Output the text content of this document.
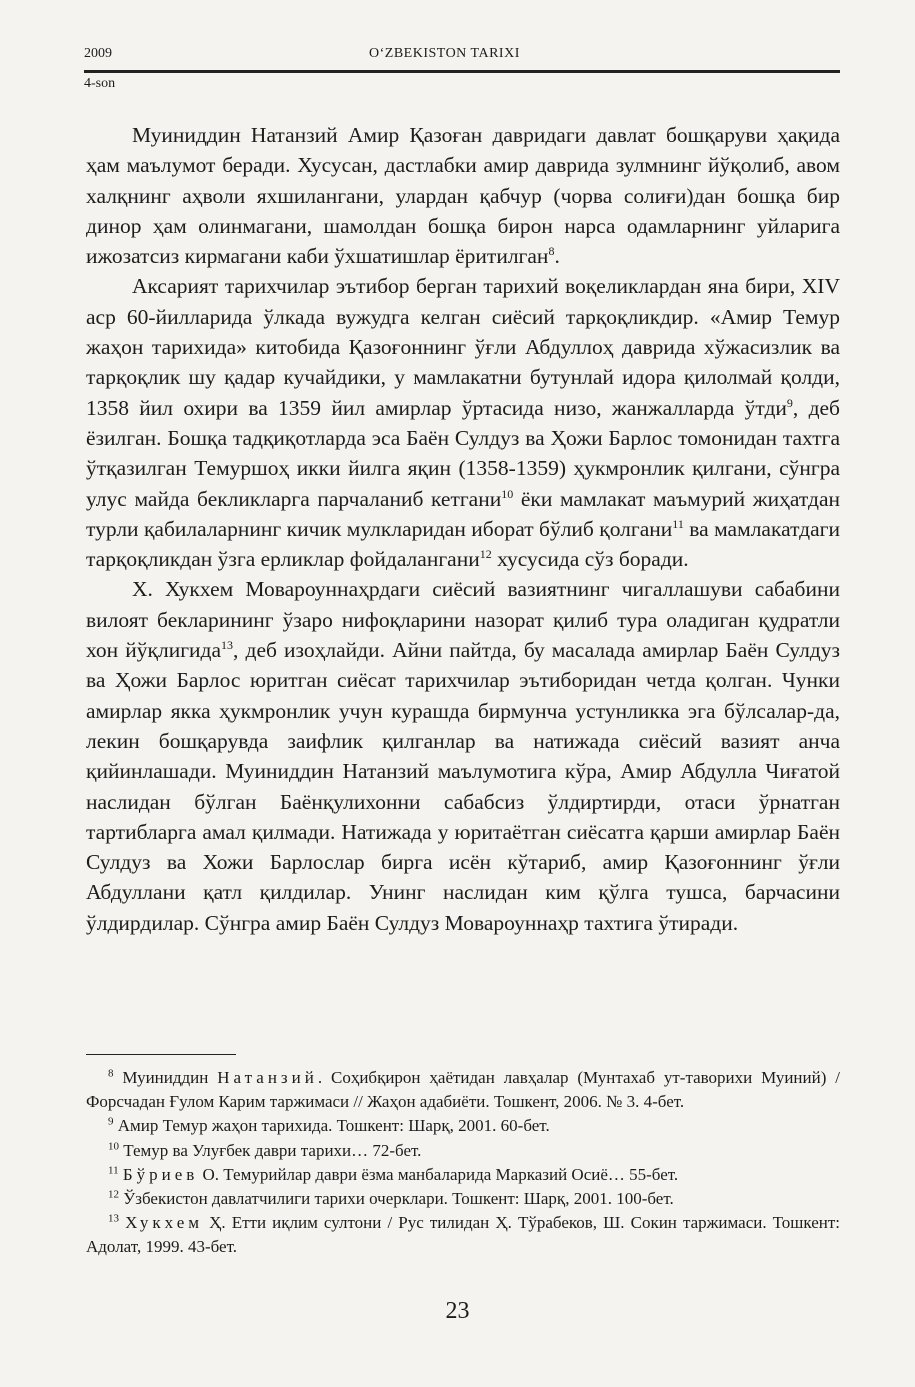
2009	O‘ZBEKISTON TARIXI
4-son

Муиниддин Натанзий Амир Қазоған давридаги давлат бошқаруви ҳақида ҳам маълумот беради. Хусусан, дастлабки амир даврида зулмнинг йўқолиб, авом халқнинг аҳволи яхшилангани, улардан қабчур (чорва солиғи)дан бошқа бир динор ҳам олинмагани, шамолдан бошқа бирон нарса одамларнинг уйларига ижозатсиз кирмагани каби ўхшатишлар ёритилган$^8$.

Аксарият тарихчилар эътибор берган тарихий воқеликлардан яна бири, XIV аср 60-йилларида ўлкада вужудга келган сиёсий тарқоқликдир. «Амир Темур жаҳон тарихида» китобида Қазоғоннинг ўғли Абдуллоҳ даврида хўжасизлик ва тарқоқлик шу қадар кучайдики, у мамлакатни бутунлай идора қилолмай қолди, 1358 йил охири ва 1359 йил амирлар ўртасида низо, жанжалларда ўтди$^9$, деб ёзилган. Бошқа тадқиқотларда эса Баён Сулдуз ва Ҳожи Барлос томонидан тахтга ўтқазилган Темуршоҳ икки йилга яқин (1358-1359) ҳукмронлик қилгани, сўнгра улус майда бекликларга парчаланиб кетгани$^{10}$ ёки мамлакат маъмурий жиҳатдан турли қабилаларнинг кичик мулкларидан иборат бўлиб қолгани$^{11}$ ва мамлакатдаги тарқоқликдан ўзга ерликлар фойдалангани$^{12}$ хусусида сўз боради.

Х. Хукхем Мовароуннаҳрдаги сиёсий вазиятнинг чигаллашуви сабабини вилоят бекларининг ўзаро нифоқларини назорат қилиб тура оладиган қудратли хон йўқлигида$^{13}$, деб изоҳлайди. Айни пайтда, бу масалада амирлар Баён Сулдуз ва Ҳожи Барлос юритган сиёсат тарихчилар эътиборидан четда қолган. Чунки амирлар якка ҳукмронлик учун курашда бирмунча устунликка эга бўлсалар-да, лекин бошқарувда заифлик қилганлар ва натижада сиёсий вазият анча қийинлашади. Муиниддин Натанзий маълумотига кўра, Амир Абдулла Чиғатой наслидан бўлган Баёнқулихонни сабабсиз ўлдиртирди, отаси ўрнатган тартибларга амал қилмади. Натижада у юритаётган сиёсатга қарши амирлар Баён Сулдуз ва Хожи Барлослар бирга исён кўтариб, амир Қазоғоннинг ўғли Абдуллани қатл қилдилар. Унинг наслидан ким қўлга тушса, барчасини ўлдирдилар. Сўнгра амир Баён Сулдуз Мовароуннаҳр тахтига ўтиради.

$^8$ Муиниддин Натанзий. Соҳибқирон ҳаётидан лавҳалар (Мунтахаб ут-таворихи Муиний) / Форсчадан Ғулом Карим таржимаси // Жаҳон адабиёти. Тошкент, 2006. № 3. 4-бет.

$^9$ Амир Темур жаҳон тарихида. Тошкент: Шарқ, 2001. 60-бет.

$^{10}$ Темур ва Улуғбек даври тарихи… 72-бет.

$^{11}$ Бўриев О. Темурийлар даври ёзма манбаларида Марказий Осиё… 55-бет.

$^{12}$ Ўзбекистон давлатчилиги тарихи очерклари. Тошкент: Шарқ, 2001. 100-бет.

$^{13}$ Хукхем Ҳ. Етти иқлим султони / Рус тилидан Ҳ. Тўрабеков, Ш. Сокин таржимаси. Тошкент: Адолат, 1999. 43-бет.

23
